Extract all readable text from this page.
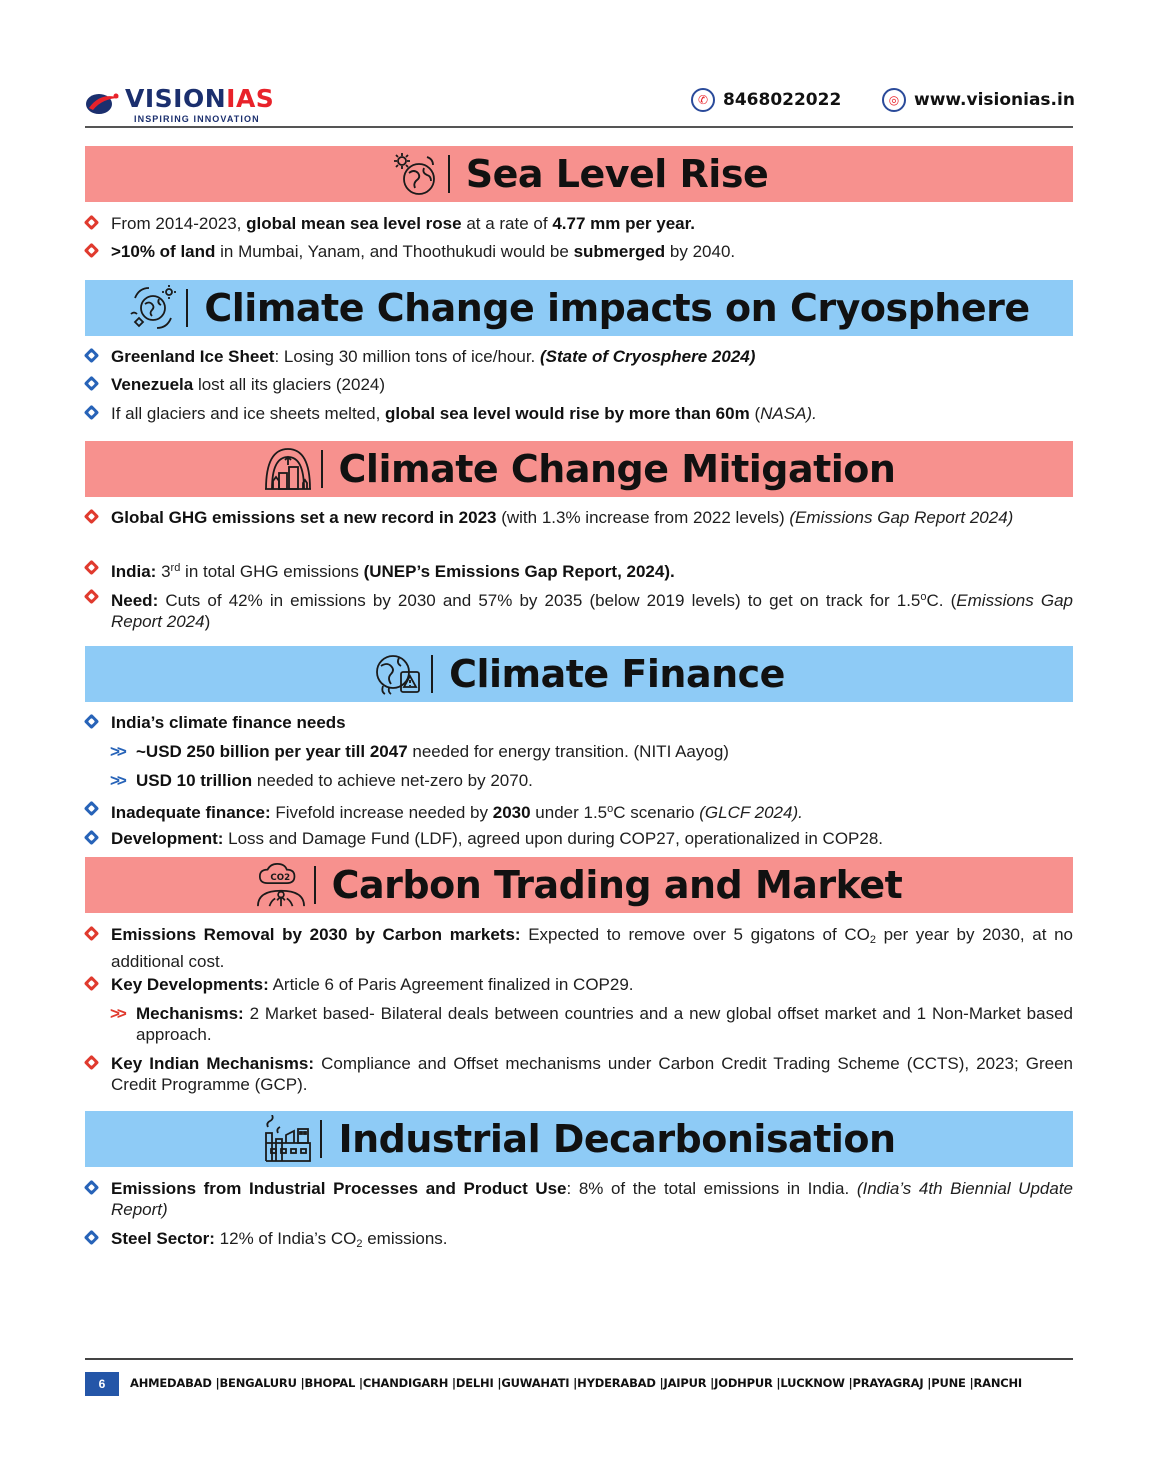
VISIONIAS
INSPIRING INNOVATION
✆ 8468022022	◎ www.visionias.in
Sea Level Rise
From 2014-2023, global mean sea level rose at a rate of 4.77 mm per year.
>10% of land in Mumbai, Yanam, and Thoothukudi would be submerged by 2040.
Climate Change impacts on Cryosphere
Greenland Ice Sheet: Losing 30 million tons of ice/hour. (State of Cryosphere 2024)
Venezuela lost all its glaciers (2024)
If all glaciers and ice sheets melted, global sea level would rise by more than 60m (NASA).
Climate Change Mitigation
Global GHG emissions set a new record in 2023 (with 1.3% increase from 2022 levels) (Emissions Gap Report 2024)
India: 3rd in total GHG emissions (UNEP’s Emissions Gap Report, 2024).
Need: Cuts of 42% in emissions by 2030 and 57% by 2035 (below 2019 levels) to get on track for 1.5$^o$C. (Emissions Gap Report 2024)
Climate Finance
India’s climate finance needs
>> ~USD 250 billion per year till 2047 needed for energy transition. (NITI Aayog)
>> USD 10 trillion needed to achieve net-zero by 2070.
Inadequate finance: Fivefold increase needed by 2030 under 1.5$^o$C scenario (GLCF 2024).
Development: Loss and Damage Fund (LDF), agreed upon during COP27, operationalized in COP28.
CO2 Carbon Trading and Market
Emissions Removal by 2030 by Carbon markets: Expected to remove over 5 gigatons of $CO_2$ per year by 2030, at no additional cost.
Key Developments: Article 6 of Paris Agreement finalized in COP29.
>> Mechanisms: 2 Market based- Bilateral deals between countries and a new global offset market and 1 Non-Market based approach.
Key Indian Mechanisms: Compliance and Offset mechanisms under Carbon Credit Trading Scheme (CCTS), 2023; Green Credit Programme (GCP).
Industrial Decarbonisation
Emissions from Industrial Processes and Product Use: 8% of the total emissions in India. (India’s 4th Biennial Update Report)
Steel Sector: 12% of India’s $CO_2$ emissions.
6	AHMEDABAD |BENGALURU |BHOPAL |CHANDIGARH |DELHI |GUWAHATI |HYDERABAD |JAIPUR |JODHPUR |LUCKNOW |PRAYAGRAJ |PUNE |RANCHI
